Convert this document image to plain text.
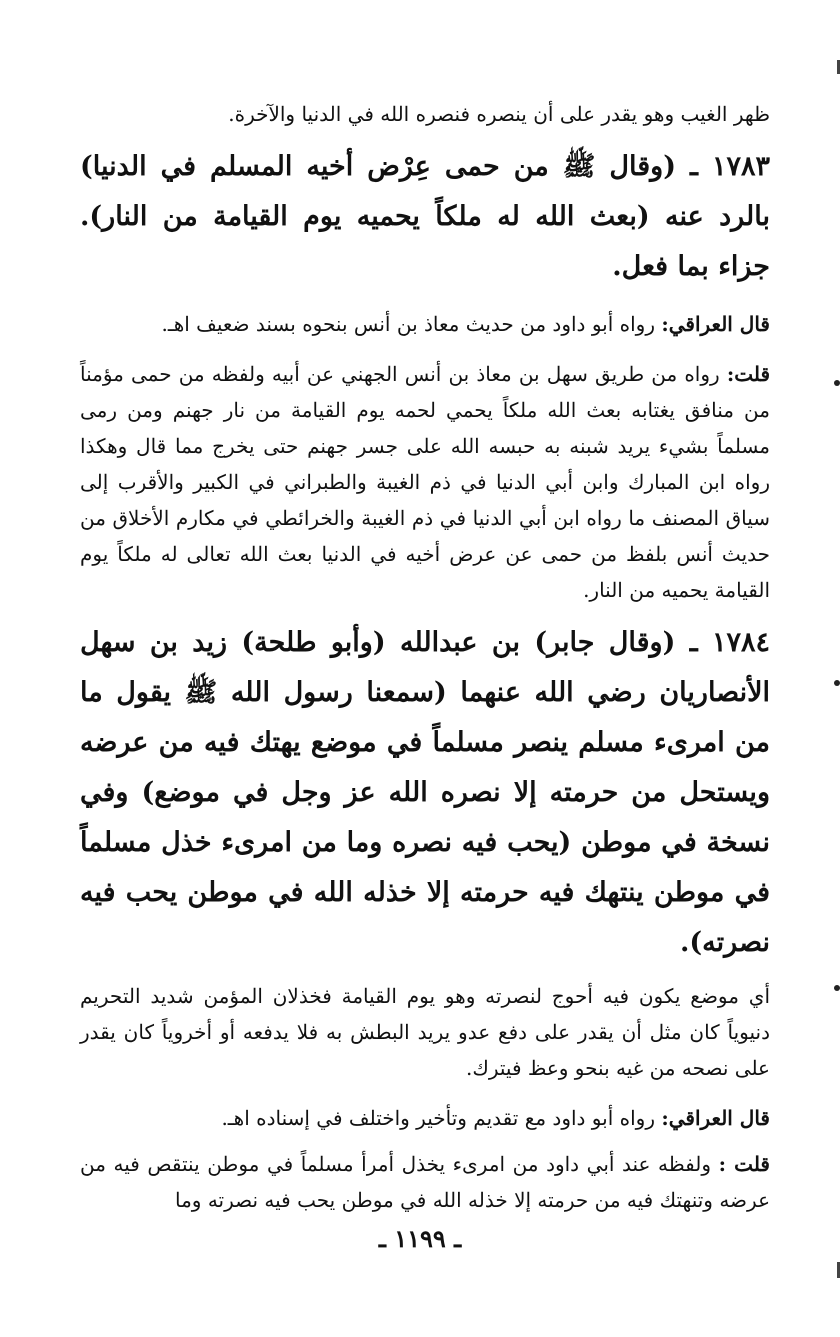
ظهر الغيب وهو يقدر على أن ينصره فنصره الله في الدنيا والآخرة.

١٧٨٣ ـ (وقال ﷺ من حمى عِرْض أخيه المسلم في الدنيا) بالرد عنه (بعث الله له ملكاً يحميه يوم القيامة من النار). جزاء بما فعل.

قال العراقي: رواه أبو داود من حديث معاذ بن أنس بنحوه بسند ضعيف اهـ.

قلت: رواه من طريق سهل بن معاذ بن أنس الجهني عن أبيه ولفظه من حمى مؤمناً من منافق يغتابه بعث الله ملكاً يحمي لحمه يوم القيامة من نار جهنم ومن رمى مسلماً بشيء يريد شبنه به حبسه الله على جسر جهنم حتى يخرج مما قال وهكذا رواه ابن المبارك وابن أبي الدنيا في ذم الغيبة والطبراني في الكبير والأقرب إلى سياق المصنف ما رواه ابن أبي الدنيا في ذم الغيبة والخرائطي في مكارم الأخلاق من حديث أنس بلفظ من حمى عن عرض أخيه في الدنيا بعث الله تعالى له ملكاً يوم القيامة يحميه من النار.

١٧٨٤ ـ (وقال جابر) بن عبدالله (وأبو طلحة) زيد بن سهل الأنصاريان رضي الله عنهما (سمعنا رسول الله ﷺ يقول ما من امرىء مسلم ينصر مسلماً في موضع يهتك فيه من عرضه ويستحل من حرمته إلا نصره الله عز وجل في موضع) وفي نسخة في موطن (يحب فيه نصره وما من امرىء خذل مسلماً في موطن ينتهك فيه حرمته إلا خذله الله في موطن يحب فيه نصرته).

أي موضع يكون فيه أحوج لنصرته وهو يوم القيامة فخذلان المؤمن شديد التحريم دنيوياً كان مثل أن يقدر على دفع عدو يريد البطش به فلا يدفعه أو أخروياً كان يقدر على نصحه من غيه بنحو وعظ فيترك.

قال العراقي: رواه أبو داود مع تقديم وتأخير واختلف في إسناده اهـ.

قلت : ولفظه عند أبي داود من امرىء يخذل أمرأ مسلماً في موطن ينتقص فيه من عرضه وتنهتك فيه من حرمته إلا خذله الله في موطن يحب فيه نصرته وما

ـ ١١٩٩ ـ
